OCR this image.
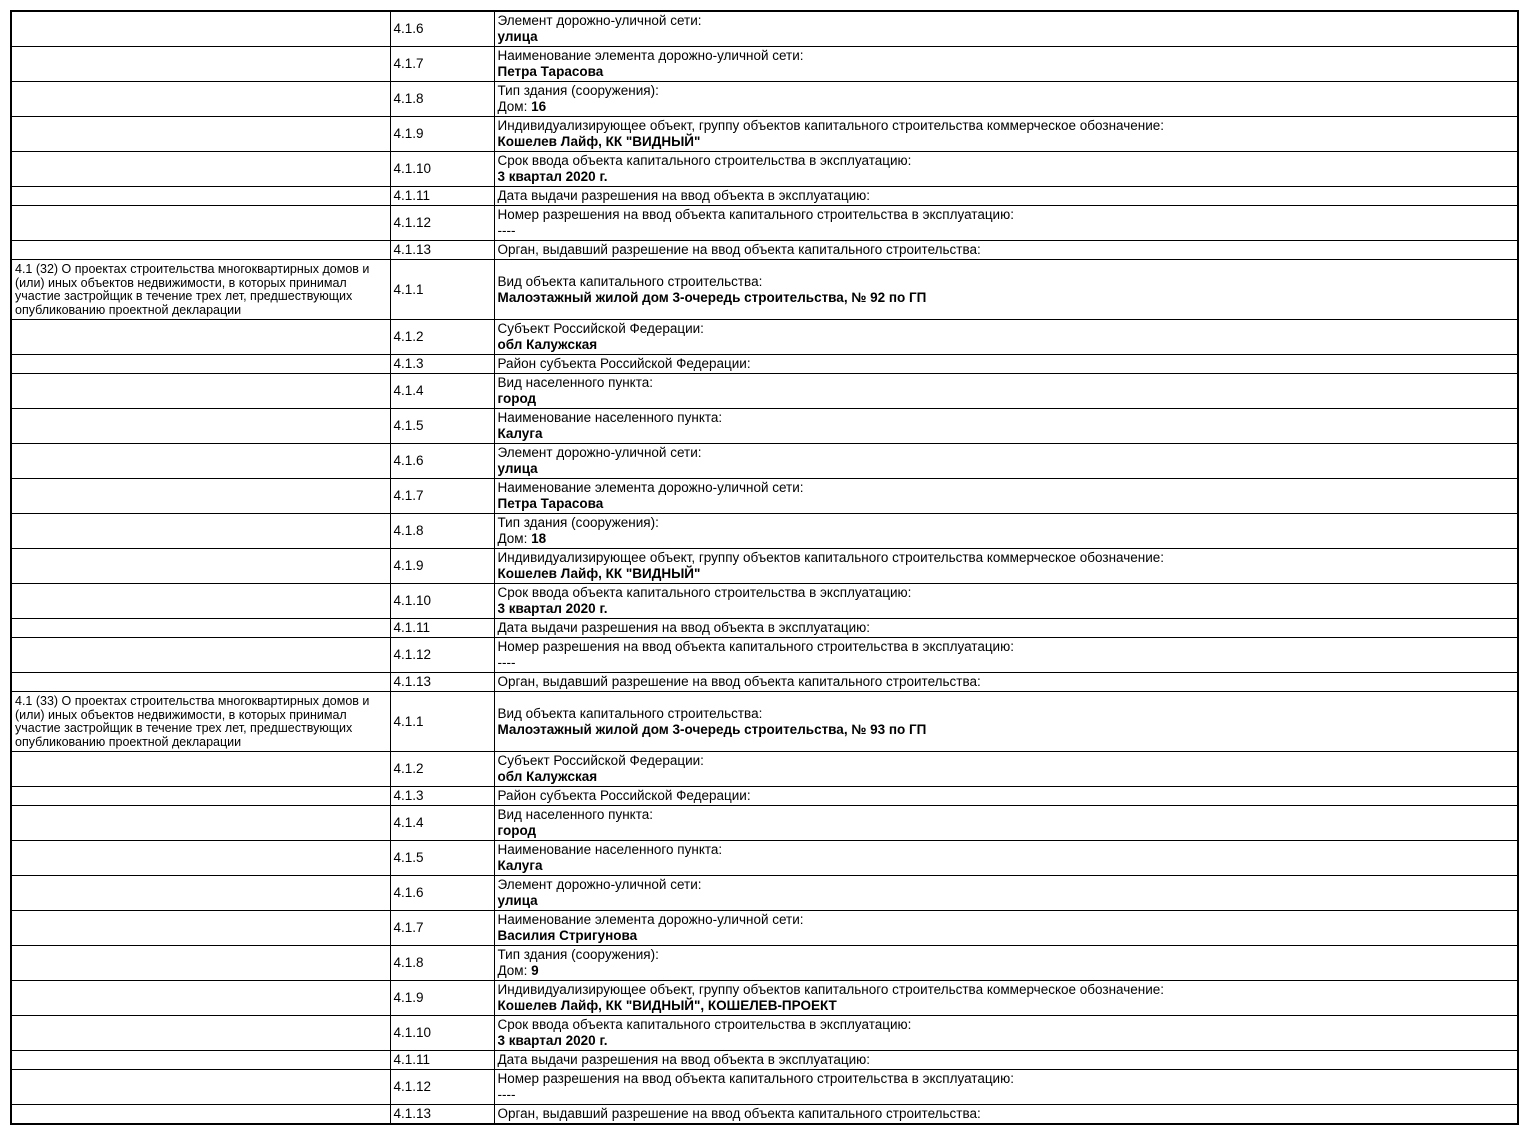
	4.1.6	Элемент дорожно-уличной сети:
улица

	4.1.7	Наименование элемента дорожно-уличной сети:
Петра Тарасова

	4.1.8	Тип здания (сооружения):
Дом: 16

	4.1.9	Индивидуализирующее объект, группу объектов капитального строительства коммерческое обозначение:
Кошелев Лайф, КК "ВИДНЫЙ"

	4.1.10	Срок ввода объекта капитального строительства в эксплуатацию:
3 квартал 2020 г.

	4.1.11	Дата выдачи разрешения на ввод объекта в эксплуатацию:

	4.1.12	Номер разрешения на ввод объекта капитального строительства в эксплуатацию:
----

	4.1.13	Орган, выдавший разрешение на ввод объекта капитального строительства:

4.1 (32) О проектах строительства многоквартирных домов и (или) иных объектов недвижимости, в которых принимал участие застройщик в течение трех лет, предшествующих опубликованию проектной декларации	4.1.1	Вид объекта капитального строительства:
Малоэтажный жилой дом 3-очередь строительства, № 92 по ГП

	4.1.2	Субъект Российской Федерации:
обл Калужская

	4.1.3	Район субъекта Российской Федерации:

	4.1.4	Вид населенного пункта:
город

	4.1.5	Наименование населенного пункта:
Калуга

	4.1.6	Элемент дорожно-уличной сети:
улица

	4.1.7	Наименование элемента дорожно-уличной сети:
Петра Тарасова

	4.1.8	Тип здания (сооружения):
Дом: 18

	4.1.9	Индивидуализирующее объект, группу объектов капитального строительства коммерческое обозначение:
Кошелев Лайф, КК "ВИДНЫЙ"

	4.1.10	Срок ввода объекта капитального строительства в эксплуатацию:
3 квартал 2020 г.

	4.1.11	Дата выдачи разрешения на ввод объекта в эксплуатацию:

	4.1.12	Номер разрешения на ввод объекта капитального строительства в эксплуатацию:
----

	4.1.13	Орган, выдавший разрешение на ввод объекта капитального строительства:

4.1 (33) О проектах строительства многоквартирных домов и (или) иных объектов недвижимости, в которых принимал участие застройщик в течение трех лет, предшествующих опубликованию проектной декларации	4.1.1	Вид объекта капитального строительства:
Малоэтажный жилой дом 3-очередь строительства, № 93 по ГП

	4.1.2	Субъект Российской Федерации:
обл Калужская

	4.1.3	Район субъекта Российской Федерации:

	4.1.4	Вид населенного пункта:
город

	4.1.5	Наименование населенного пункта:
Калуга

	4.1.6	Элемент дорожно-уличной сети:
улица

	4.1.7	Наименование элемента дорожно-уличной сети:
Василия Стригунова

	4.1.8	Тип здания (сооружения):
Дом: 9

	4.1.9	Индивидуализирующее объект, группу объектов капитального строительства коммерческое обозначение:
Кошелев Лайф, КК "ВИДНЫЙ", КОШЕЛЕВ-ПРОЕКТ

	4.1.10	Срок ввода объекта капитального строительства в эксплуатацию:
3 квартал 2020 г.

	4.1.11	Дата выдачи разрешения на ввод объекта в эксплуатацию:

	4.1.12	Номер разрешения на ввод объекта капитального строительства в эксплуатацию:
----

	4.1.13	Орган, выдавший разрешение на ввод объекта капитального строительства:
